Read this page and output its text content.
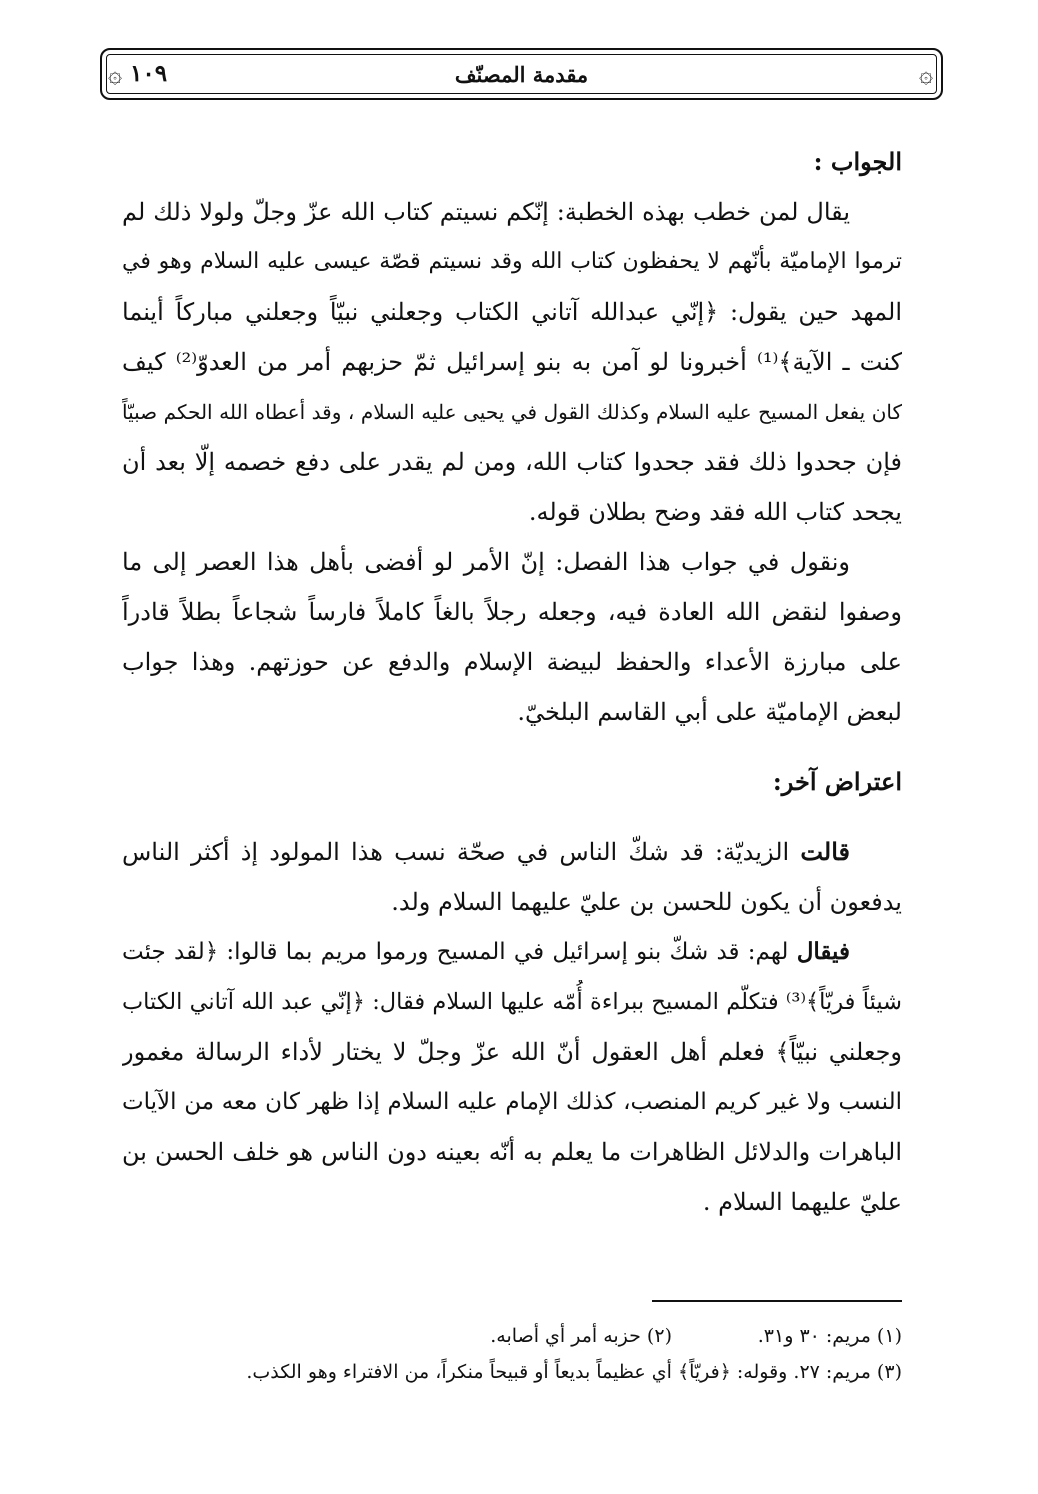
۞
مقدمة المصنّف
١٠٩
۞
الجواب :
يقال لمن خطب بهذه الخطبة: إنّكم نسيتم كتاب الله عزّ وجلّ ولولا ذلك لم
ترموا الإماميّة بأنّهم لا يحفظون كتاب الله وقد نسيتم قصّة عيسى عليه السلام وهو في
المهد حين يقول: ﴿إنّي عبدالله آتاني الكتاب وجعلني نبيّاً وجعلني مباركاً أينما
كنت ـ الآية﴾⁽¹⁾ أخبرونا لو آمن به بنو إسرائيل ثمّ حزبهم أمر من العدوّ⁽²⁾ كيف
كان يفعل المسيح عليه السلام وكذلك القول في يحيى عليه السلام ، وقد أعطاه الله الحكم صبيّاً
فإن جحدوا ذلك فقد جحدوا كتاب الله، ومن لم يقدر على دفع خصمه إلّا بعد أن
يجحد كتاب الله فقد وضح بطلان قوله.
ونقول في جواب هذا الفصل: إنّ الأمر لو أفضى بأهل هذا العصر إلى ما
وصفوا لنقض الله العادة فيه، وجعله رجلاً بالغاً كاملاً فارساً شجاعاً بطلاً قادراً
على مبارزة الأعداء والحفظ لبيضة الإسلام والدفع عن حوزتهم. وهذا جواب
لبعض الإماميّة على أبي القاسم البلخيّ.
اعتراض آخر:
قالت الزيديّة: قد شكّ الناس في صحّة نسب هذا المولود إذ أكثر الناس
يدفعون أن يكون للحسن بن عليّ عليهما السلام ولد.
فيقال لهم: قد شكّ بنو إسرائيل في المسيح ورموا مريم بما قالوا: ﴿لقد جئت
شيئاً فريّاً﴾⁽³⁾ فتكلّم المسيح ببراءة أُمّه عليها السلام فقال: ﴿إنّي عبد الله آتاني الكتاب
وجعلني نبيّاً﴾ فعلم أهل العقول أنّ الله عزّ وجلّ لا يختار لأداء الرسالة مغمور
النسب ولا غير كريم المنصب، كذلك الإمام عليه السلام إذا ظهر كان معه من الآيات
الباهرات والدلائل الظاهرات ما يعلم به أنّه بعينه دون الناس هو خلف الحسن بن
عليّ عليهما السلام .
(١) مريم: ٣٠ و٣١.(٢) حزبه أمر أي أصابه.
(٣) مريم: ٢٧. وقوله: ﴿فريّاً﴾ أي عظيماً بديعاً أو قبيحاً منكراً، من الافتراء وهو الكذب.
